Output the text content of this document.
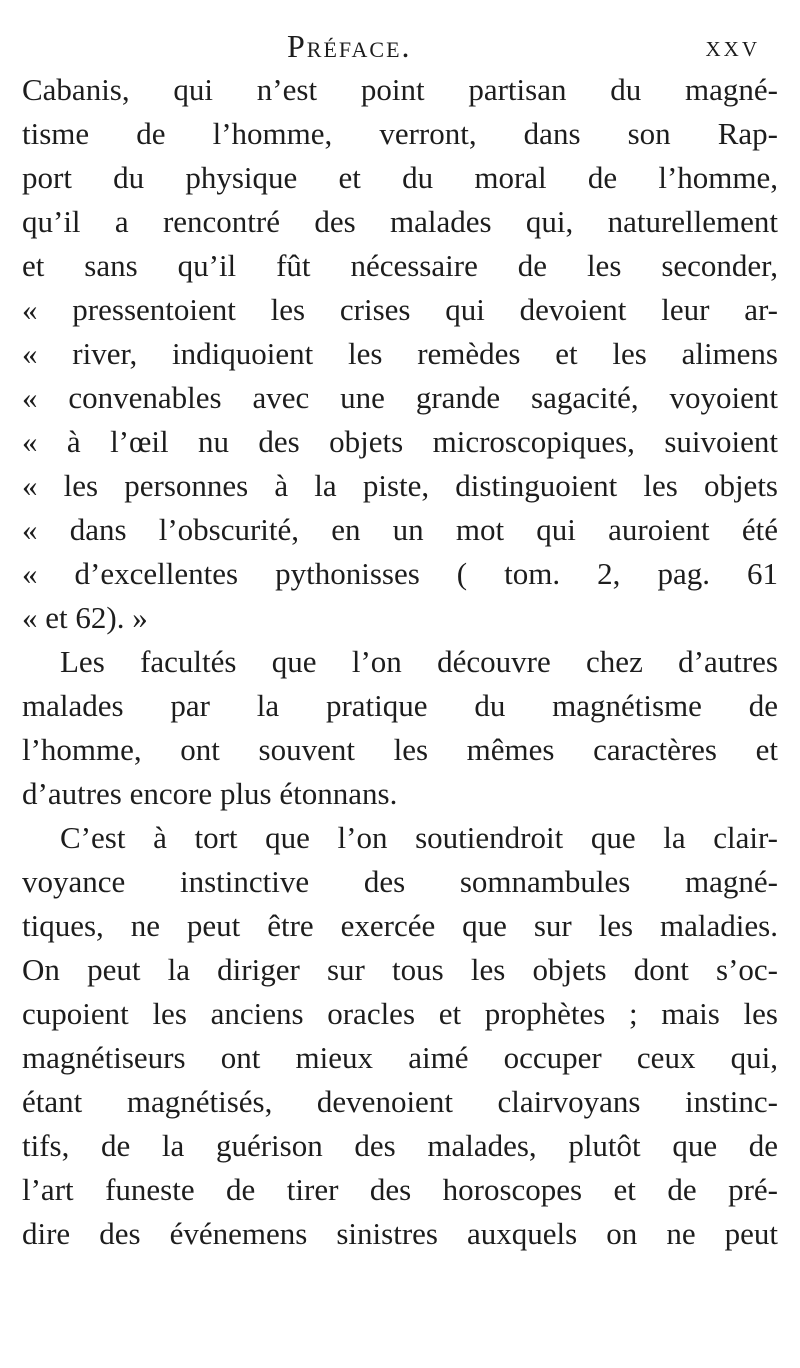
Préface.	xxv
Cabanis, qui n’est point partisan du magné-
tisme de l’homme, verront, dans son Rap-
port du physique et du moral de l’homme,
qu’il a rencontré des malades qui, naturellement
et sans qu’il fût nécessaire de les seconder,
« pressentoient les crises qui devoient leur ar-
« river, indiquoient les remèdes et les alimens
« convenables avec une grande sagacité, voyoient
« à l’œil nu des objets microscopiques, suivoient
« les personnes à la piste, distinguoient les objets
« dans l’obscurité, en un mot qui auroient été
« d’excellentes pythonisses ( tom. 2, pag. 61
« et 62). »
Les facultés que l’on découvre chez d’autres
malades par la pratique du magnétisme de
l’homme, ont souvent les mêmes caractères et
d’autres encore plus étonnans.
C’est à tort que l’on soutiendroit que la clair-
voyance instinctive des somnambules magné-
tiques, ne peut être exercée que sur les maladies.
On peut la diriger sur tous les objets dont s’oc-
cupoient les anciens oracles et prophètes ; mais les
magnétiseurs ont mieux aimé occuper ceux qui,
étant magnétisés, devenoient clairvoyans instinc-
tifs, de la guérison des malades, plutôt que de
l’art funeste de tirer des horoscopes et de pré-
dire des événemens sinistres auxquels on ne peut
